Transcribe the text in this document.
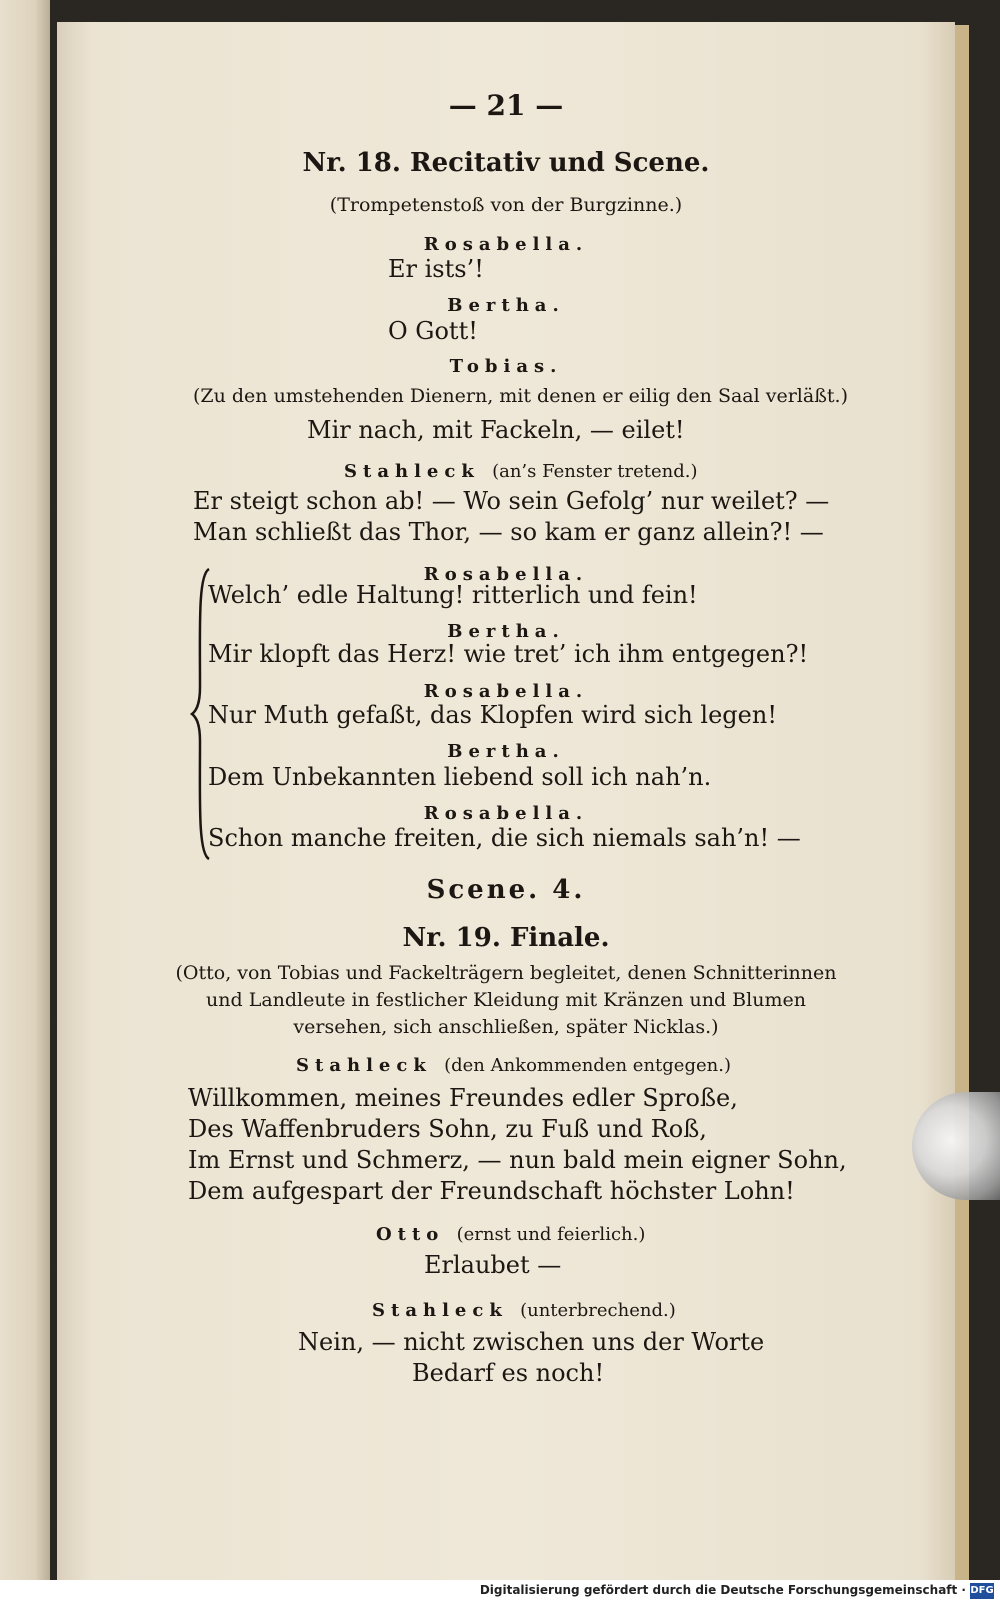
— 21 —
Nr. 18. Recitativ und Scene.
(Trompetenstoß von der Burgzinne.)
Rosabella.
Er ists’!
Bertha.
O Gott!
Tobias.
(Zu den umstehenden Dienern, mit denen er eilig den Saal verläßt.)
Mir nach, mit Fackeln, — eilet!
Stahleck (an’s Fenster tretend.)
Er steigt schon ab! — Wo sein Gefolg’ nur weilet? —
Man schließt das Thor, — so kam er ganz allein?! —
Rosabella.
Welch’ edle Haltung! ritterlich und fein!
Bertha.
Mir klopft das Herz! wie tret’ ich ihm entgegen?!
Rosabella.
Nur Muth gefaßt, das Klopfen wird sich legen!
Bertha.
Dem Unbekannten liebend soll ich nah’n.
Rosabella.
Schon manche freiten, die sich niemals sah’n! —
Scene. 4.
Nr. 19. Finale.
(Otto, von Tobias und Fackelträgern begleitet, denen Schnitterinnen
und Landleute in festlicher Kleidung mit Kränzen und Blumen
versehen, sich anschließen, später Nicklas.)
Stahleck (den Ankommenden entgegen.)
Willkommen, meines Freundes edler Sproße,
Des Waffenbruders Sohn, zu Fuß und Roß,
Im Ernst und Schmerz, — nun bald mein eigner Sohn,
Dem aufgespart der Freundschaft höchster Lohn!
Otto (ernst und feierlich.)
Erlaubet —
Stahleck (unterbrechend.)
Nein, — nicht zwischen uns der Worte
Bedarf es noch!
Digitalisierung gefördert durch die Deutsche Forschungsgemeinschaft · DFG
